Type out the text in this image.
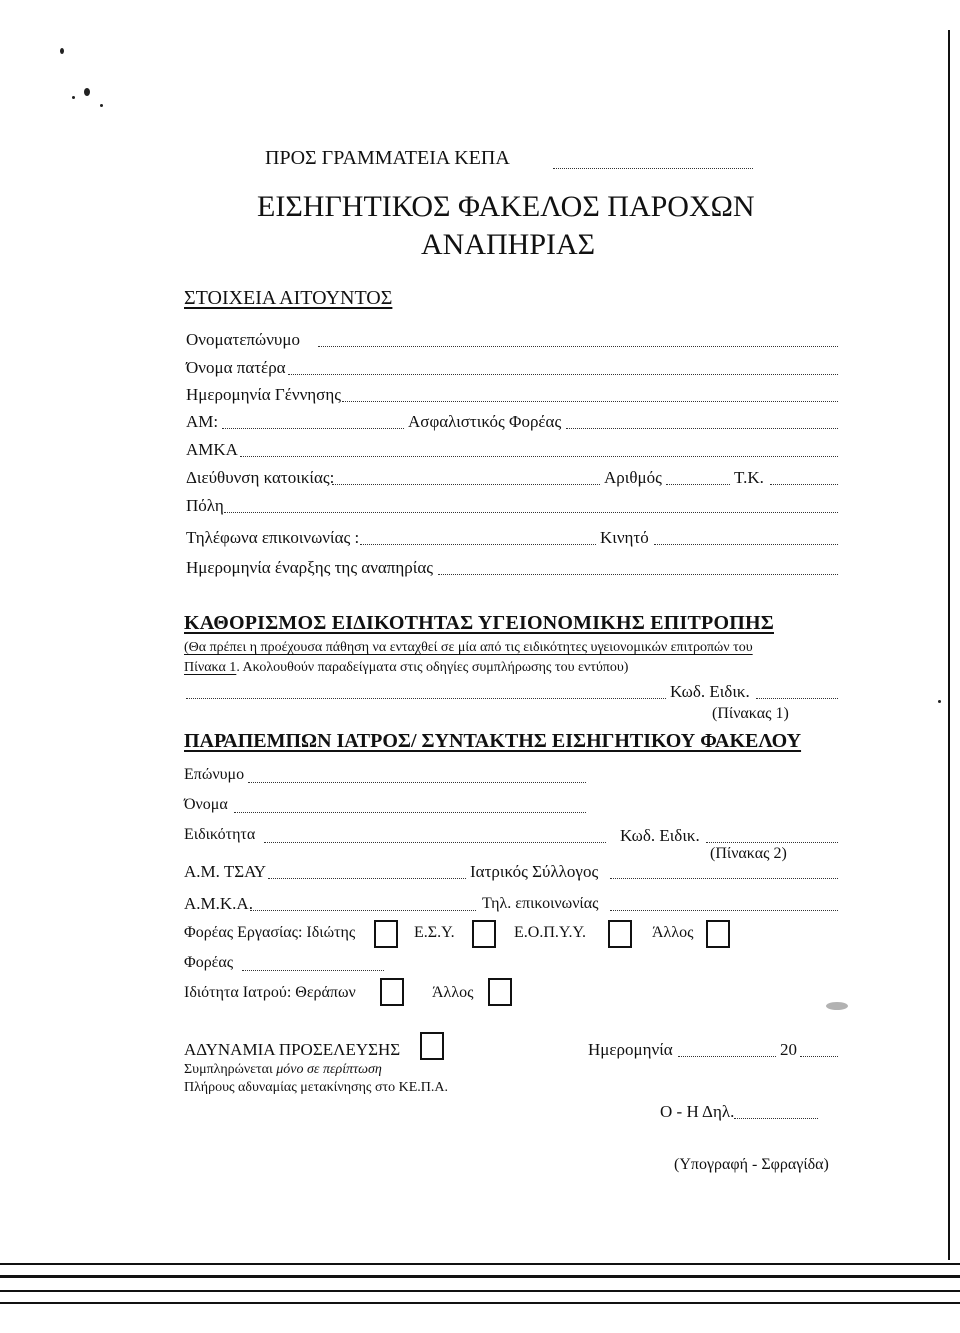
ΠΡΟΣ ΓΡΑΜΜΑΤΕΙΑ ΚΕΠΑ
ΕΙΣΗΓΗΤΙΚΟΣ ΦΑΚΕΛΟΣ ΠΑΡΟΧΩΝ
ΑΝΑΠΗΡΙΑΣ
ΣΤΟΙΧΕΙΑ ΑΙΤΟΥΝΤΟΣ
Ονοματεπώνυμο
Όνομα πατέρα
Ημερομηνία Γέννησης
ΑΜ:	Ασφαλιστικός Φορέας
ΑΜΚΑ
Διεύθυνση κατοικίας:	Αριθμός	Τ.Κ.
Πόλη
Τηλέφωνα επικοινωνίας :	Κινητό
Ημερομηνία έναρξης της αναπηρίας
ΚΑΘΟΡΙΣΜΟΣ ΕΙΔΙΚΟΤΗΤΑΣ ΥΓΕΙΟΝΟΜΙΚΗΣ ΕΠΙΤΡΟΠΗΣ
(Θα πρέπει η προέχουσα πάθηση να ενταχθεί σε μία από τις ειδικότητες υγειονομικών επιτροπών του
Πίνακα 1. Ακολουθούν παραδείγματα στις οδηγίες συμπλήρωσης του εντύπου)
Κωδ. Ειδικ.
(Πίνακας 1)
ΠΑΡΑΠΕΜΠΩΝ ΙΑΤΡΟΣ/ ΣΥΝΤΑΚΤΗΣ ΕΙΣΗΓΗΤΙΚΟΥ ΦΑΚΕΛΟΥ
Επώνυμο
Όνομα
Ειδικότητα	Κωδ. Ειδικ.
(Πίνακας 2)
Α.Μ. ΤΣΑΥ	Ιατρικός Σύλλογος
Α.Μ.Κ.Α.	Τηλ. επικοινωνίας
Φορέας Εργασίας: Ιδιώτης	Ε.Σ.Υ.	Ε.Ο.Π.Υ.Υ.	Άλλος
Φορέας
Ιδιότητα Ιατρού: Θεράπων	Άλλος
ΑΔΥΝΑΜΙΑ ΠΡΟΣΕΛΕΥΣΗΣ	Ημερομηνία	20
Συμπληρώνεται μόνο σε περίπτωση
Πλήρους αδυναμίας μετακίνησης στο ΚΕ.Π.Α.
Ο - Η Δηλ.
(Υπογραφή - Σφραγίδα)
